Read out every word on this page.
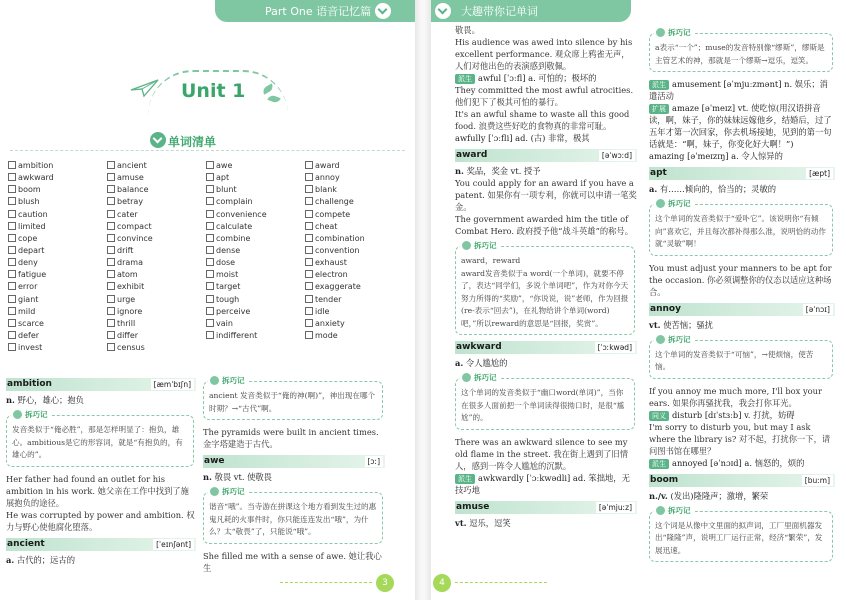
Part One 语音记忆篇
Unit 1
单词清单
ambition	ancient	awe	award
awkward	amuse	apt	annoy
boom	balance	blunt	blank
blush	betray	complain	challenge
caution	cater	convenience	compete
limited	compact	calculate	cheat
cope	convince	combine	combination
depart	drift	dense	convention
deny	drama	dose	exhaust
fatigue	atom	moist	electron
error	exhibit	target	exaggerate
giant	urge	tough	tender
mild	ignore	perceive	idle
scarce	thrill	vain	anxiety
defer	differ	indifferent	mode
invest	census
ambition	[æmˈbɪʃn]
n. 野心，雄心；抱负
拆巧记
发音类似于“俺必胜”，那是怎样明显了：抱负，雄心。ambitious是它的形容词，就是“有抱负的，有雄心的”。
Her father had found an outlet for his ambition in his work. 她父亲在工作中找到了施展抱负的途径。
He was corrupted by power and ambition. 权力与野心使他腐化堕落。
ancient	[ˈeɪnʃənt]
a. 古代的；远古的
拆巧记
ancient 发音类似于“俺的神(啊)”，神出现在哪个时期？→“古代”啊。
The pyramids were built in ancient times. 金字塔建造于古代。
awe	[ɔː]
n. 敬畏 vt. 使敬畏
拆巧记
谐音“哦”。当寺游在拼课这个地方看到发生过的惠鬼凡耗的火事件时，你只能连连发出“哦”，为什么？太“敬畏”了，只能说“哦”。
She filled me with a sense of awe. 她让我心生
3
大趣带你记单词
敬畏。
His audience was awed into silence by his excellent performance. 观众席上鸦雀无声，人们对他出色的表演感到敬佩。
派生 awful [ˈɔːfl] a. 可怕的；极坏的
They committed the most awful atrocities. 他们犯下了极其可怕的暴行。
It's an awful shame to waste all this good food. 浪费这些好吃的食物真的非常可耻。
awfully [ˈɔːfli] ad. (古) 非常，极其
award	[əˈwɔːd]
n. 奖品，奖金 vt. 授予
You could apply for an award if you have a patent. 如果你有一项专利，你就可以申请一笔奖金。
The government awarded him the title of Combat Hero. 政府授予他“战斗英雄”的称号。
拆巧记
award，reward
award发音类似于a word(一个单词)，就要不停了，表达“同学们，多说个单词吧”，作为对你今天努力所得的“奖励”，“你说说，说”老师，作为回报(re-表示“回去”)，在礼物给讲个单词(word)吧，”所以reward的意思是“回报，奖赏”。
awkward	[ˈɔːkwəd]
a. 令人尴尬的
拆巧记
这个单词的发音类似于“幽口word(单词)”，当你在很多人面前把一个单词读得很拗口时，是很“尴尬”的。
There was an awkward silence to see my old flame in the street. 我在街上遇到了旧情人，感到一阵令人尴尬的沉默。
派生 awkwardly [ˈɔːkwədli] ad. 笨拙地，无技巧地
amuse	[əˈmjuːz]
vt. 逗乐，逗笑
拆巧记
a表示“一个”；muse的发音特别像“缪斯”，缪斯是主管艺术的神，那就是一个缪斯→逗乐，逗笑。
派生 amusement [əˈmjuːzmənt] n. 娱乐；消遣活动
扩展 amaze [əˈmeɪz] vt. 使吃惊(用汉语拼音读，啊，妹子，你的妹妹远嫁他乡，结婚后，过了五年才第一次回家，你去机场接她，见到的第一句话就是：“啊，妹子，你变化好大啊！”)
amazing [əˈmeɪzɪŋ] a. 令人惊异的
apt	[æpt]
a. 有……倾向的，恰当的；灵敏的
拆巧记
这个单词的发音类似于“爱卟它”。该说明你“有倾向”喜欢它，并且每次都补得那么准，说明恰的动作就“灵敏”啊！
You must adjust your manners to be apt for the occasion. 你必须调整你的仪态以适应这种场合。
annoy	[əˈnɔɪ]
vt. 使苦恼；骚扰
拆巧记
这个单词的发音类似于“可恼”，→使烦恼，使苦恼。
If you annoy me much more, I'll box your ears. 如果你再骚扰我，我会打你耳光。
同义 disturb [dɪˈstɜːb] v. 打扰，妨碍
I'm sorry to disturb you, but may I ask where the library is? 对不起，打扰你一下，请问图书馆在哪里？
派生 annoyed [əˈnɔɪd] a. 恼怒的，烦的
boom	[buːm]
n./v. (发出)隆隆声；激增，繁荣
拆巧记
这个词是从像中文里面的拟声词，工厂里面机器发出“隆隆”声，说明工厂运行正常，经济“繁荣”，发展迅速。
4
